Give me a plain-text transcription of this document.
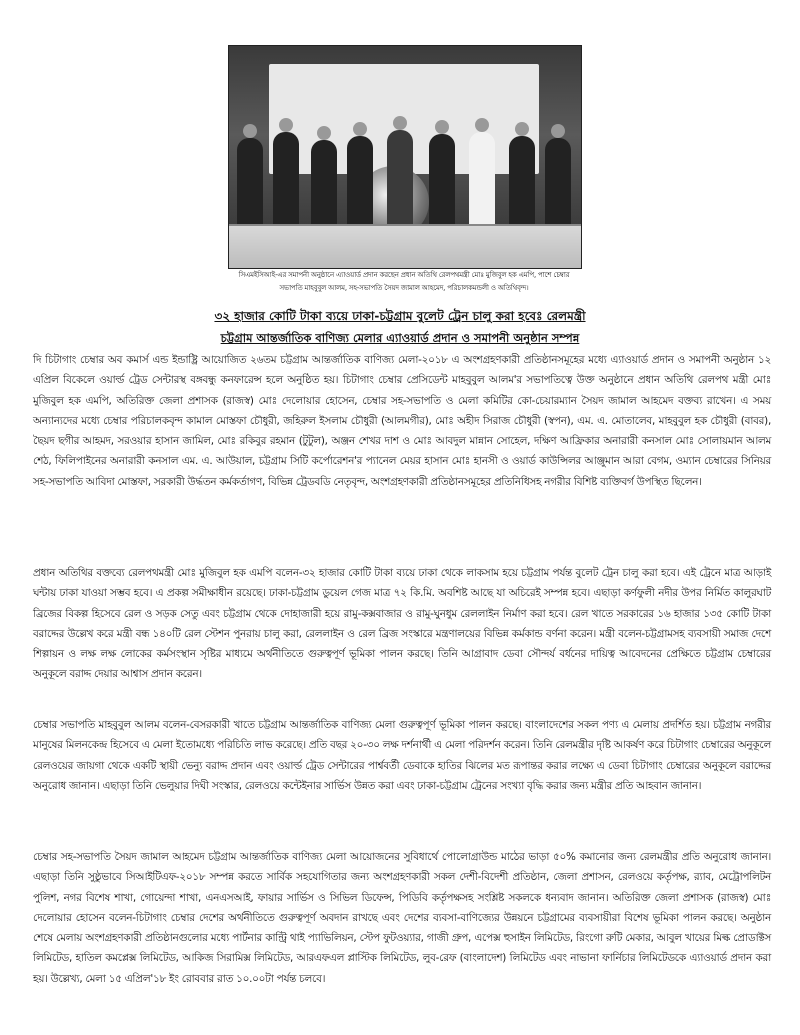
সিএমইসিআই-এর সমাপনী অনুষ্ঠানে এ্যাওয়ার্ড প্রদান করছেন প্রধান অতিথি রেলপথমন্ত্রী মোঃ মুজিবুল হক এমপি, পাশে চেম্বার সভাপতি মাহবুবুল আলম, সহ-সভাপতি সৈয়দ জামাল আহমেদ, পরিচালকমন্ডলী ও অতিথিবৃন্দ।
৩২ হাজার কোটি টাকা ব্যয়ে ঢাকা-চট্টগ্রাম বুলেট ট্রেন চালু করা হবেঃ রেলমন্ত্রী
চট্টগ্রাম আন্তর্জাতিক বাণিজ্য মেলার এ্যাওয়ার্ড প্রদান ও সমাপনী অনুষ্ঠান সম্পন্ন
দি চিটাগাং চেম্বার অব কমার্স এন্ড ইন্ডাষ্ট্রি আয়োজিত ২৬তম চট্টগ্রাম আন্তর্জাতিক বাণিজ্য মেলা-২০১৮ এ অংশগ্রহণকারী প্রতিষ্ঠানসমূহের মধ্যে এ্যাওয়ার্ড প্রদান ও সমাপনী অনুষ্ঠান ১২ এপ্রিল বিকেলে ওয়ার্ল্ড ট্রেড সেন্টারস্থ বঙ্গবন্ধু কনফারেন্স হলে অনুষ্ঠিত হয়। চিটাগাং চেম্বার প্রেসিডেন্ট মাহবুবুল আলম'র সভাপতিত্বে উক্ত অনুষ্ঠানে প্রধান অতিথি রেলপথ মন্ত্রী মোঃ মুজিবুল হক এমপি, অতিরিক্ত জেলা প্রশাসক (রাজস্ব) মোঃ দেলোয়ার হোসেন, চেম্বার সহ-সভাপতি ও মেলা কমিটির কো-চেয়ারম্যান সৈয়দ জামাল আহমেদ বক্তব্য রাখেন। এ সময় অন্যান্যদের মধ্যে চেম্বার পরিচালকবৃন্দ কামাল মোস্তফা চৌধুরী, জহিরুল ইসলাম চৌধুরী (আলমগীর), মোঃ অহীদ সিরাজ চৌধুরী (স্বপন), এম. এ. মোতালেব, মাহবুবুল হক চৌধুরী (বাবর), ছৈয়দ ছগীর আহমদ, সরওয়ার হাসান জামিল, মোঃ রকিবুর রহমান (টুটুল), অঞ্জন শেখর দাশ ও মোঃ আবদুল মান্নান সোহেল, দক্ষিণ আফ্রিকার অনারারী কনসাল মোঃ সোলায়মান আলম শেঠ, ফিলিপাইনের অনারারী কনসাল এম. এ. আউয়াল, চট্টগ্রাম সিটি কর্পোরেশন'র প্যানেল মেয়র হাসান মোঃ হানসী ও ওয়ার্ড কাউন্সিলর আঞ্জুমান আরা বেগম, ওম্যান চেম্বারের সিনিয়র সহ-সভাপতি আবিদা মোস্তফা, সরকারী উর্দ্ধতন কর্মকর্তাগণ, বিভিন্ন ট্রেডবডি নেতৃবৃন্দ, অংশগ্রহণকারী প্রতিষ্ঠানসমূহের প্রতিনিধিসহ নগরীর বিশিষ্ট ব্যক্তিবর্গ উপস্থিত ছিলেন।
প্রধান অতিথির বক্তব্যে রেলপথমন্ত্রী মোঃ মুজিবুল হক এমপি বলেন-৩২ হাজার কোটি টাকা ব্যয়ে ঢাকা থেকে লাকসাম হয়ে চট্টগ্রাম পর্যন্ত বুলেট ট্রেন চালু করা হবে। এই ট্রেনে মাত্র আড়াই ঘন্টায় ঢাকা যাওয়া সম্ভব হবে। এ প্রকল্প সমীক্ষাধীন রয়েছে। ঢাকা-চট্টগ্রাম ডুয়েল গেজ মাত্র ৭২ কি.মি. অবশিষ্ট আছে যা অচিরেই সম্পন্ন হবে। এছাড়া কর্ণফুলী নদীর উপর নির্মিত কালুরঘাট ব্রিজের বিকল্প হিসেবে রেল ও সড়ক সেতু এবং চট্টগ্রাম থেকে দোহাজারী হয়ে রামু-কক্সবাজার ও রামু-ঘুনধুম রেললাইন নির্মাণ করা হবে। রেল খাতে সরকারের ১৬ হাজার ১৩৫ কোটি টাকা বরাদ্দের উল্লেখ করে মন্ত্রী বন্ধ ১৪০টি রেল স্টেশন পুনরায় চালু করা, রেললাইন ও রেল ব্রিজ সংস্কারে মন্ত্রণালয়ের বিভিন্ন কর্মকান্ড বর্ণনা করেন। মন্ত্রী বলেন-চট্টগ্রামসহ ব্যবসায়ী সমাজ দেশে শিল্পায়ন ও লক্ষ লক্ষ লোকের কর্মসংস্থান সৃষ্টির মাধ্যমে অর্থনীতিতে গুরুত্বপূর্ণ ভূমিকা পালন করছে। তিনি আগ্রাবাদ ডেবা সৌন্দর্য বর্ধনের দায়িত্ব আবেদনের প্রেক্ষিতে চট্টগ্রাম চেম্বারের অনুকূলে বরাদ্দ দেয়ার আশ্বাস প্রদান করেন।
চেম্বার সভাপতি মাহবুবুল আলম বলেন-বেসরকারী খাতে চট্টগ্রাম আন্তর্জাতিক বাণিজ্য মেলা গুরুত্বপূর্ণ ভূমিকা পালন করছে। বাংলাদেশের সকল পণ্য এ মেলায় প্রদর্শিত হয়। চট্টগ্রাম নগরীর মানুষের মিলনকেন্দ্র হিসেবে এ মেলা ইতোমধ্যে পরিচিতি লাভ করেছে। প্রতি বছর ২০-৩০ লক্ষ দর্শনার্থী এ মেলা পরিদর্শন করেন। তিনি রেলমন্ত্রীর দৃষ্টি আকর্ষণ করে চিটাগাং চেম্বারের অনুকূলে রেলওয়ের জায়গা থেকে একটি স্থায়ী ভেন্যু বরাদ্দ প্রদান এবং ওয়ার্ল্ড ট্রেড সেন্টারের পার্শ্ববর্তী ডেবাকে হাতির ঝিলের মত রূপান্তর করার লক্ষ্যে এ ডেবা চিটাগাং চেম্বারের অনুকূলে বরাদ্দের অনুরোধ জানান। এছাড়া তিনি ভেলুয়ার দিঘী সংস্কার, রেলওয়ে কন্টেইনার সার্ভিস উন্নত করা এবং ঢাকা-চট্টগ্রাম ট্রেনের সংখ্যা বৃদ্ধি করার জন্য মন্ত্রীর প্রতি আহবান জানান।
চেম্বার সহ-সভাপতি সৈয়দ জামাল আহমেদ চট্টগ্রাম আন্তর্জাতিক বাণিজ্য মেলা আয়োজনের সুবিধার্থে পোলোগ্রাউন্ড মাঠের ভাড়া ৫০% কমানোর জন্য রেলমন্ত্রীর প্রতি অনুরোধ জানান। এছাড়া তিনি সুষ্ঠুভাবে সিআইটিএফ-২০১৮ সম্পন্ন করতে সার্বিক সহযোগিতার জন্য অংশগ্রহণকারী সকল দেশী-বিদেশী প্রতিষ্ঠান, জেলা প্রশাসন, রেলওয়ে কর্তৃপক্ষ, র‌্যাব, মেট্রোপলিটন পুলিশ, নগর বিশেষ শাখা, গোয়েন্দা শাখা, এনএসআই, ফায়ার সার্ভিস ও সিভিল ডিফেন্স, পিডিবি কর্তৃপক্ষসহ সংশ্লিষ্ট সকলকে ধন্যবাদ জানান। অতিরিক্ত জেলা প্রশাসক (রাজস্ব) মোঃ দেলোয়ার হোসেন বলেন-চিটাগাং চেম্বার দেশের অর্থনীতিতে গুরুত্বপূর্ণ অবদান রাখছে এবং দেশের ব্যবসা-বাণিজ্যের উন্নয়নে চট্টগ্রামের ব্যবসায়ীরা বিশেষ ভূমিকা পালন করছে। অনুষ্ঠান শেষে মেলায় অংশগ্রহণকারী প্রতিষ্ঠানগুলোর মধ্যে পার্টনার কান্ট্রি থাই প্যাভিলিয়ন, স্টেপ ফুটওয়্যার, গাজী গ্রুপ, এপেক্স হুসাইন লিমিটেড, রিংগো রুটি মেকার, আবুল খায়ের মিল্ক প্রোডাক্টস লিমিটেড, হাতিল কমপ্লেক্স লিমিটেড, আকিজ সিরামিক্স লিমিটেড, আরএফএল প্লাস্টিক লিমিটেড, লুব-রেফ (বাংলাদেশ) লিমিটেড এবং নাভানা ফার্নিচার লিমিটেডকে এ্যাওয়ার্ড প্রদান করা হয়। উল্লেখ্য, মেলা ১৫ এপ্রিল'১৮ ইং রোববার রাত ১০.০০টা পর্যন্ত চলবে।
